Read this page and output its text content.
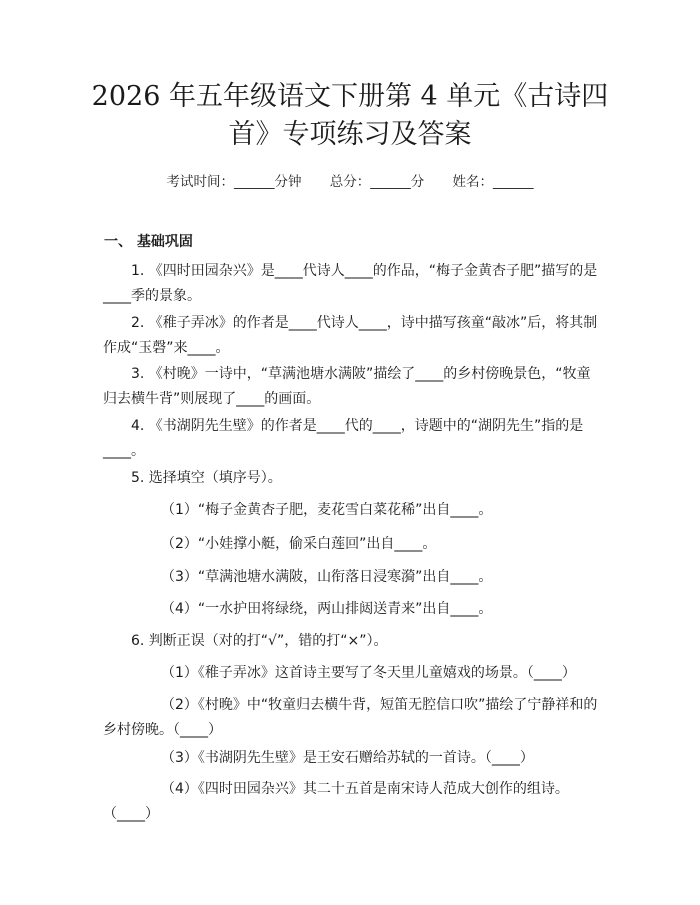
2026 年五年级语文下册第 4 单元《古诗四
首》专项练习及答案
考试时间：______分钟 总分：______分 姓名：______
一、 基础巩固
1. 《四时田园杂兴》是____代诗人____的作品，“梅子金黄杏子肥”描写的是____季的景象。
2. 《稚子弄冰》的作者是____代诗人____，诗中描写孩童“敲冰”后，将其制作成“玉磬”来____。
3. 《村晚》一诗中，“草满池塘水满陂”描绘了____的乡村傍晚景色，“牧童归去横牛背”则展现了____的画面。
4. 《书湖阴先生壁》的作者是____代的____，诗题中的“湖阴先生”指的是____。
5. 选择填空（填序号）。
（1）“梅子金黄杏子肥，麦花雪白菜花稀”出自____。
（2）“小娃撑小艇，偷采白莲回”出自____。
（3）“草满池塘水满陂，山衔落日浸寒漪”出自____。
（4）“一水护田将绿绕，两山排闼送青来”出自____。
6. 判断正误（对的打“√”，错的打“×”）。
（1）《稚子弄冰》这首诗主要写了冬天里儿童嬉戏的场景。（____）
（2）《村晚》中“牧童归去横牛背，短笛无腔信口吹”描绘了宁静祥和的乡村傍晚。（____）
（3）《书湖阴先生壁》是王安石赠给苏轼的一首诗。（____）
（4）《四时田园杂兴》其二十五首是南宋诗人范成大创作的组诗。（____）
